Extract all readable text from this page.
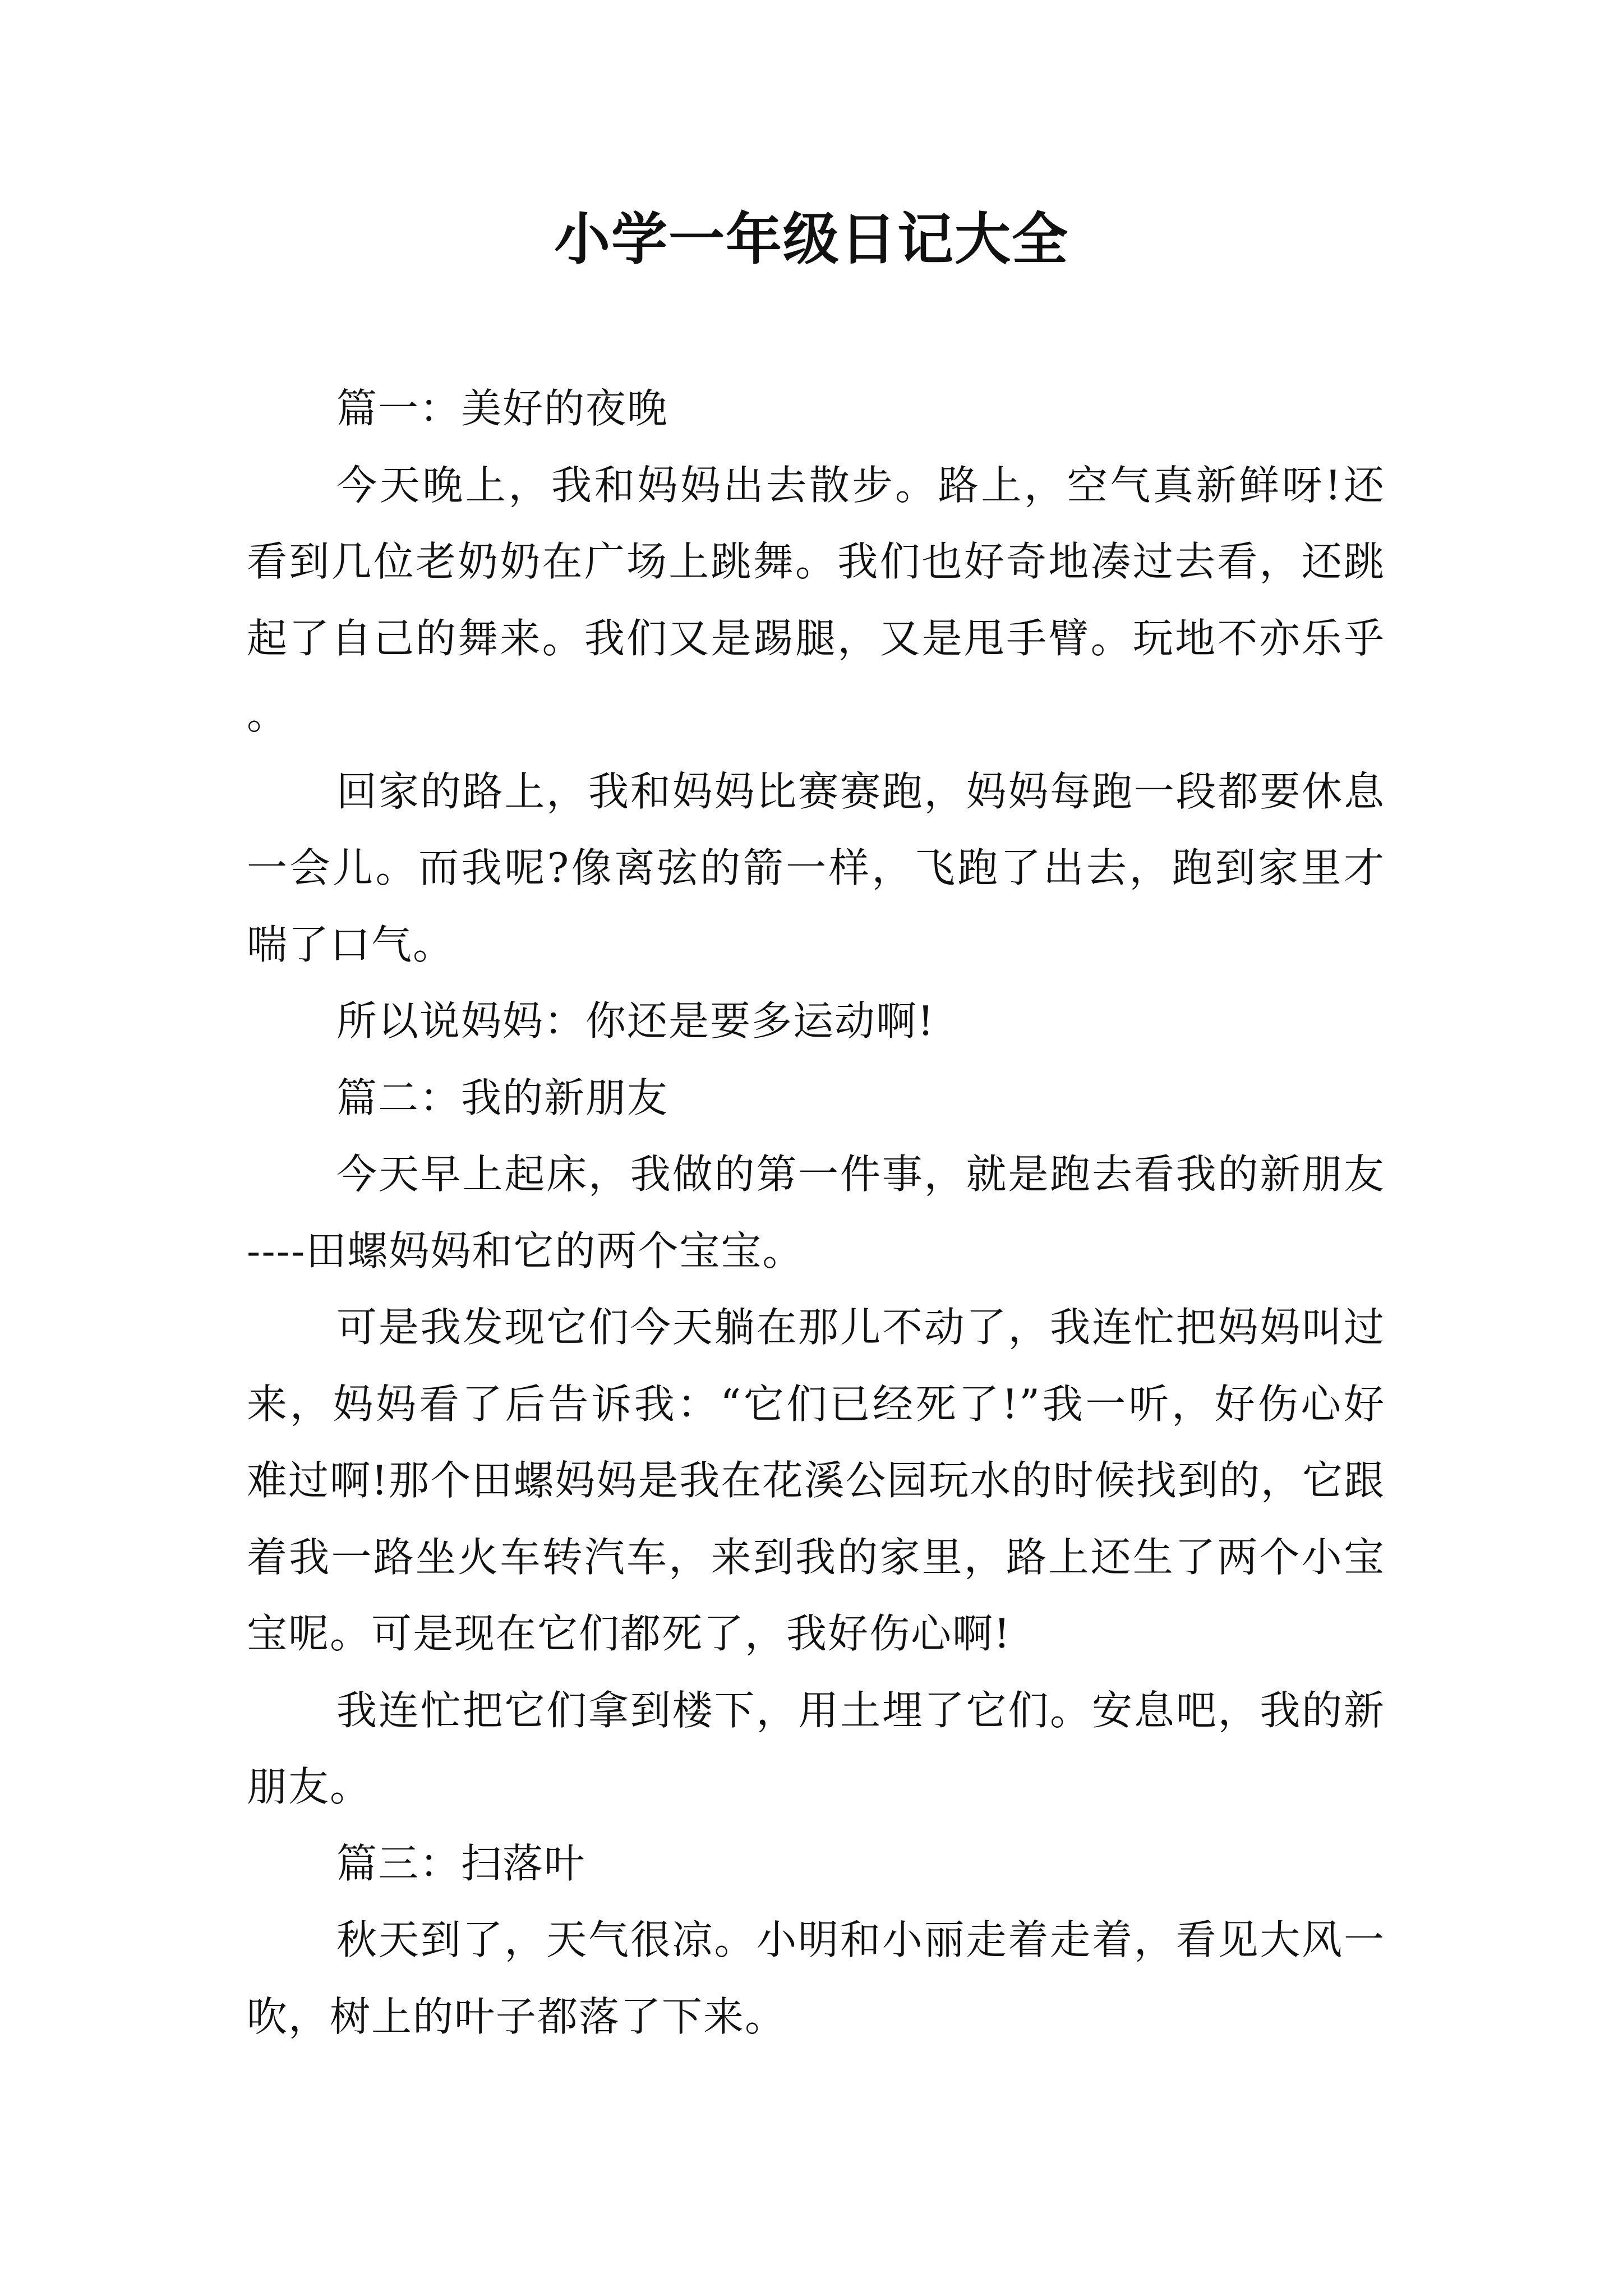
小学一年级日记大全

篇一：美好的夜晚

今天晚上，我和妈妈出去散步。路上，空气真新鲜呀!还看到几位老奶奶在广场上跳舞。我们也好奇地凑过去看，还跳起了自己的舞来。我们又是踢腿，又是甩手臂。玩地不亦乐乎。

回家的路上，我和妈妈比赛赛跑，妈妈每跑一段都要休息一会儿。而我呢?像离弦的箭一样，飞跑了出去，跑到家里才喘了口气。

所以说妈妈：你还是要多运动啊!

篇二：我的新朋友

今天早上起床，我做的第一件事，就是跑去看我的新朋友----田螺妈妈和它的两个宝宝。

可是我发现它们今天躺在那儿不动了，我连忙把妈妈叫过来，妈妈看了后告诉我：“它们已经死了!”我一听，好伤心好难过啊!那个田螺妈妈是我在花溪公园玩水的时候找到的，它跟着我一路坐火车转汽车，来到我的家里，路上还生了两个小宝宝呢。可是现在它们都死了，我好伤心啊!

我连忙把它们拿到楼下，用土埋了它们。安息吧，我的新朋友。

篇三：扫落叶

秋天到了，天气很凉。小明和小丽走着走着，看见大风一吹，树上的叶子都落了下来。
